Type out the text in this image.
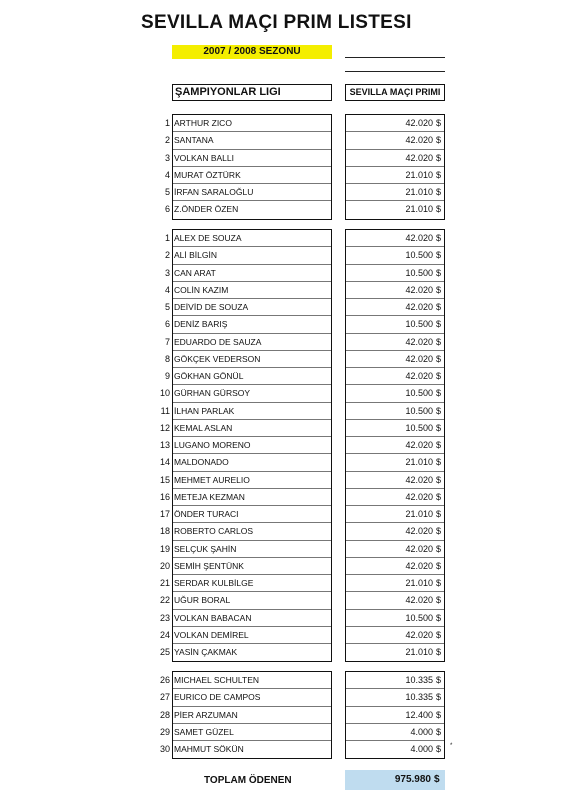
SEVILLA MAÇI PRIM LISTESI
2007 / 2008 SEZONU
ŞAMPIYONLAR LIGI	SEVILLA MAÇI PRIMI
1 ARTHUR ZICO	42.020 $
2 SANTANA	42.020 $
3 VOLKAN BALLI	42.020 $
4 MURAT ÖZTÜRK	21.010 $
5 İRFAN SARALOĞLU	21.010 $
6 Z.ÖNDER ÖZEN	21.010 $
1 ALEX DE SOUZA	42.020 $
2 ALİ BİLGİN	10.500 $
3 CAN ARAT	10.500 $
4 COLİN KAZIM	42.020 $
5 DEİVİD DE SOUZA	42.020 $
6 DENİZ BARIŞ	10.500 $
7 EDUARDO DE SAUZA	42.020 $
8 GÖKÇEK VEDERSON	42.020 $
9 GÖKHAN GÖNÜL	42.020 $
10 GÜRHAN GÜRSOY	10.500 $
11 İLHAN PARLAK	10.500 $
12 KEMAL ASLAN	10.500 $
13 LUGANO MORENO	42.020 $
14 MALDONADO	21.010 $
15 MEHMET AURELIO	42.020 $
16 METEJA KEZMAN	42.020 $
17 ÖNDER TURACI	21.010 $
18 ROBERTO CARLOS	42.020 $
19 SELÇUK ŞAHİN	42.020 $
20 SEMİH ŞENTÜNK	42.020 $
21 SERDAR KULBİLGE	21.010 $
22 UĞUR BORAL	42.020 $
23 VOLKAN BABACAN	10.500 $
24 VOLKAN DEMİREL	42.020 $
25 YASİN ÇAKMAK	21.010 $
26 MICHAEL SCHULTEN	10.335 $
27 EURICO DE CAMPOS	10.335 $
28 PİER ARZUMAN	12.400 $
29 SAMET GÜZEL	4.000 $
30 MAHMUT SÖKÜN	4.000 $
TOPLAM ÖDENEN	975.980 $
*
